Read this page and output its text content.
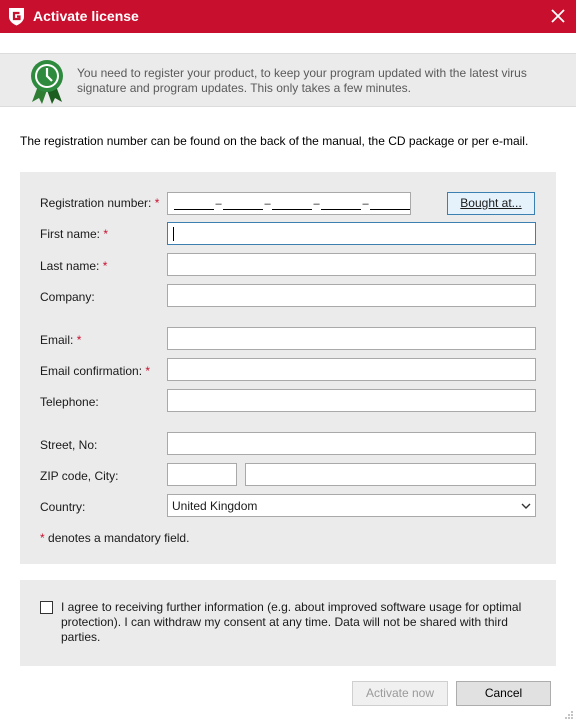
Activate license
You need to register your product, to keep your program updated with the latest virus signature and program updates. This only takes a few minutes.
The registration number can be found on the back of the manual, the CD package or per e-mail.
Registration number: *	–	–	–	–	Bought at...
First name: *
Last name: *
Company:
Email: *
Email confirmation: *
Telephone:
Street, No:
ZIP code, City:
Country:	United Kingdom
* denotes a mandatory field.
I agree to receiving further information (e.g. about improved software usage for optimal protection). I can withdraw my consent at any time. Data will not be shared with third parties.
Activate now	Cancel
